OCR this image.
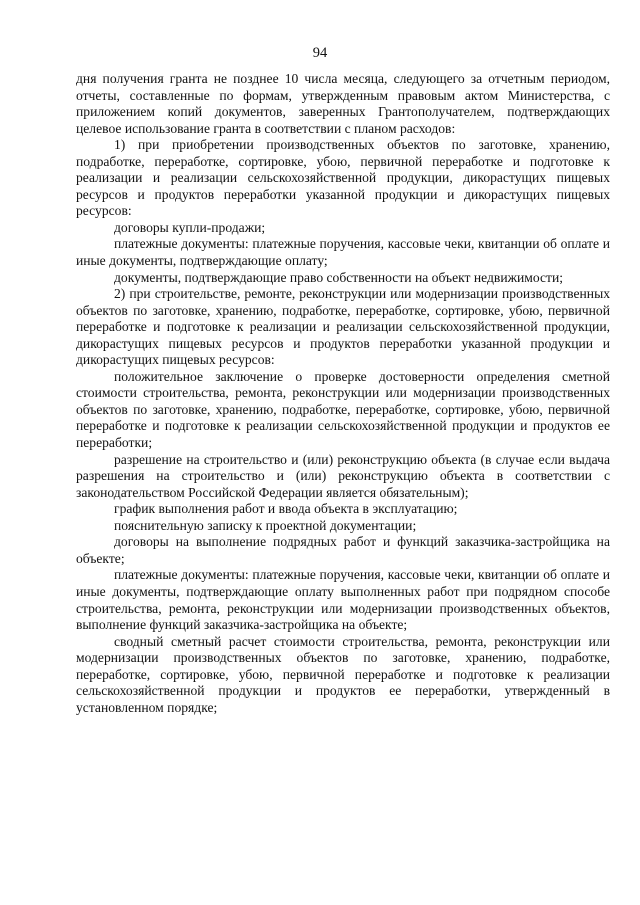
94

дня получения гранта не позднее 10 числа месяца, следующего за отчетным периодом, отчеты, составленные по формам, утвержденным правовым актом Министерства, с приложением копий документов, заверенных Грантополучателем, подтверждающих целевое использование гранта в соответствии с планом расходов:

1) при приобретении производственных объектов по заготовке, хранению, подработке, переработке, сортировке, убою, первичной переработке и подготовке к реализации и реализации сельскохозяйственной продукции, дикорастущих пищевых ресурсов и продуктов переработки указанной продукции и дикорастущих пищевых ресурсов:

договоры купли-продажи;

платежные документы: платежные поручения, кассовые чеки, квитанции об оплате и иные документы, подтверждающие оплату;

документы, подтверждающие право собственности на объект недвижимости;

2) при строительстве, ремонте, реконструкции или модернизации производственных объектов по заготовке, хранению, подработке, переработке, сортировке, убою, первичной переработке и подготовке к реализации и реализации сельскохозяйственной продукции, дикорастущих пищевых ресурсов и продуктов переработки указанной продукции и дикорастущих пищевых ресурсов:

положительное заключение о проверке достоверности определения сметной стоимости строительства, ремонта, реконструкции или модернизации производственных объектов по заготовке, хранению, подработке, переработке, сортировке, убою, первичной переработке и подготовке к реализации сельскохозяйственной продукции и продуктов ее переработки;

разрешение на строительство и (или) реконструкцию объекта (в случае если выдача разрешения на строительство и (или) реконструкцию объекта в соответствии с законодательством Российской Федерации является обязательным);

график выполнения работ и ввода объекта в эксплуатацию;

пояснительную записку к проектной документации;

договоры на выполнение подрядных работ и функций заказчика-застройщика на объекте;

платежные документы: платежные поручения, кассовые чеки, квитанции об оплате и иные документы, подтверждающие оплату выполненных работ при подрядном способе строительства, ремонта, реконструкции или модернизации производственных объектов, выполнение функций заказчика-застройщика на объекте;

сводный сметный расчет стоимости строительства, ремонта, реконструкции или модернизации производственных объектов по заготовке, хранению, подработке, переработке, сортировке, убою, первичной переработке и подготовке к реализации сельскохозяйственной продукции и продуктов ее переработки, утвержденный в установленном порядке;
